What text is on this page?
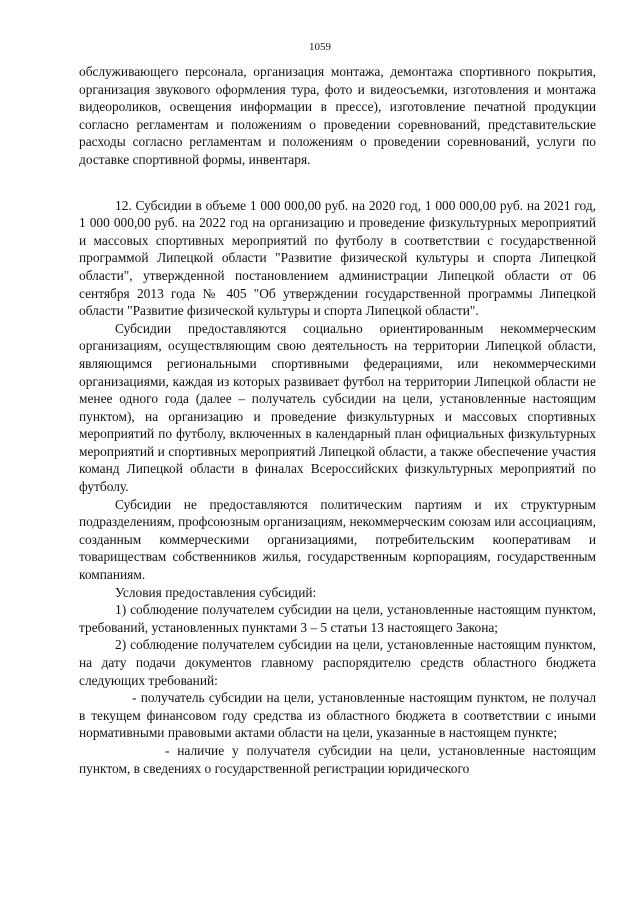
1059

обслуживающего персонала, организация монтажа, демонтажа спортивного покрытия, организация звукового оформления тура, фото и видеосъемки, изготовления и монтажа видеороликов, освещения информации в прессе), изготовление печатной продукции согласно регламентам и положениям о проведении соревнований, представительские расходы согласно регламентам и положениям о проведении соревнований, услуги по доставке спортивной формы, инвентаря.

12. Субсидии в объеме 1 000 000,00 руб. на 2020 год, 1 000 000,00 руб. на 2021 год, 1 000 000,00 руб. на 2022 год на организацию и проведение физкультурных мероприятий и массовых спортивных мероприятий по футболу в соответствии с государственной программой Липецкой области "Развитие физической культуры и спорта Липецкой области", утвержденной постановлением администрации Липецкой области от 06 сентября 2013 года № 405 "Об утверждении государственной программы Липецкой области "Развитие физической культуры и спорта Липецкой области".

Субсидии предоставляются социально ориентированным некоммерческим организациям, осуществляющим свою деятельность на территории Липецкой области, являющимся региональными спортивными федерациями, или некоммерческими организациями, каждая из которых развивает футбол на территории Липецкой области не менее одного года (далее – получатель субсидии на цели, установленные настоящим пунктом), на организацию и проведение физкультурных и массовых спортивных мероприятий по футболу, включенных в календарный план официальных физкультурных мероприятий и спортивных мероприятий Липецкой области, а также обеспечение участия команд Липецкой области в финалах Всероссийских физкультурных мероприятий по футболу.

Субсидии не предоставляются политическим партиям и их структурным подразделениям, профсоюзным организациям, некоммерческим союзам или ассоциациям, созданным коммерческими организациями, потребительским кооперативам и товариществам собственников жилья, государственным корпорациям, государственным компаниям.

Условия предоставления субсидий:

1) соблюдение получателем субсидии на цели, установленные настоящим пунктом, требований, установленных пунктами 3 – 5 статьи 13 настоящего Закона;

2) соблюдение получателем субсидии на цели, установленные настоящим пунктом, на дату подачи документов главному распорядителю средств областного бюджета следующих требований:

- получатель субсидии на цели, установленные настоящим пунктом, не получал в текущем финансовом году средства из областного бюджета в соответствии с иными нормативными правовыми актами области на цели, указанные в настоящем пункте;

- наличие у получателя субсидии на цели, установленные настоящим пунктом, в сведениях о государственной регистрации юридического
